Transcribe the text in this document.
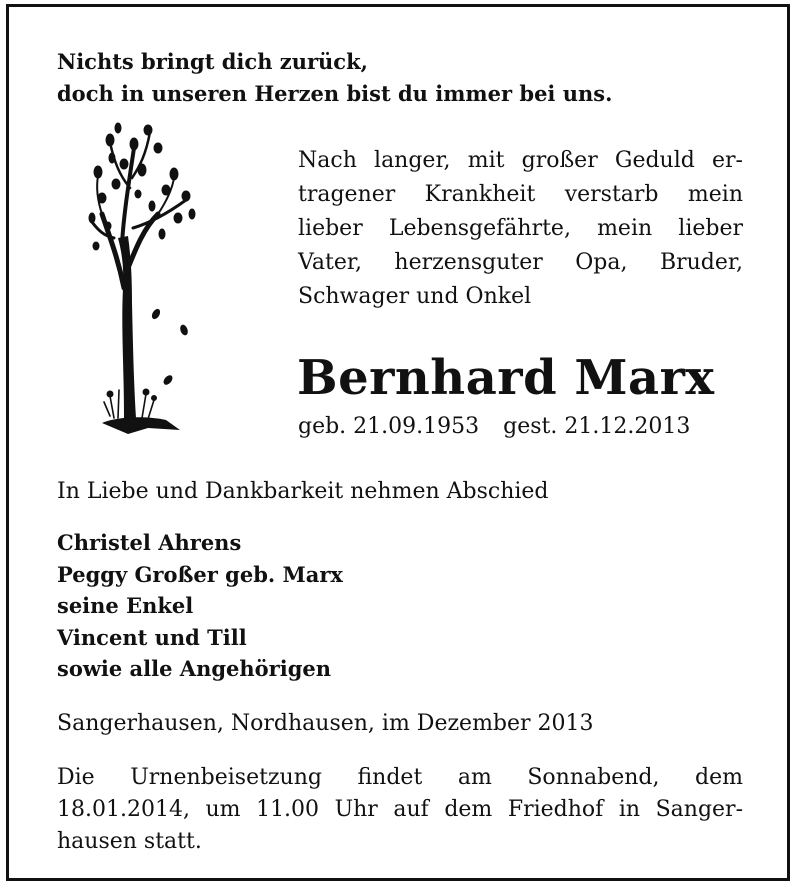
Nichts bringt dich zurück,
doch in unseren Herzen bist du immer bei uns.
Nach langer, mit großer Geduld er-
tragener Krankheit verstarb mein
lieber Lebensgefährte, mein lieber
Vater, herzensguter Opa, Bruder,
Schwager und Onkel
Bernhard Marx
geb. 21.09.1953 gest. 21.12.2013
In Liebe und Dankbarkeit nehmen Abschied
Christel Ahrens
Peggy Großer geb. Marx
seine Enkel
Vincent und Till
sowie alle Angehörigen
Sangerhausen, Nordhausen, im Dezember 2013
Die Urnenbeisetzung findet am Sonnabend, dem
18.01.2014, um 11.00 Uhr auf dem Friedhof in Sanger-
hausen statt.
